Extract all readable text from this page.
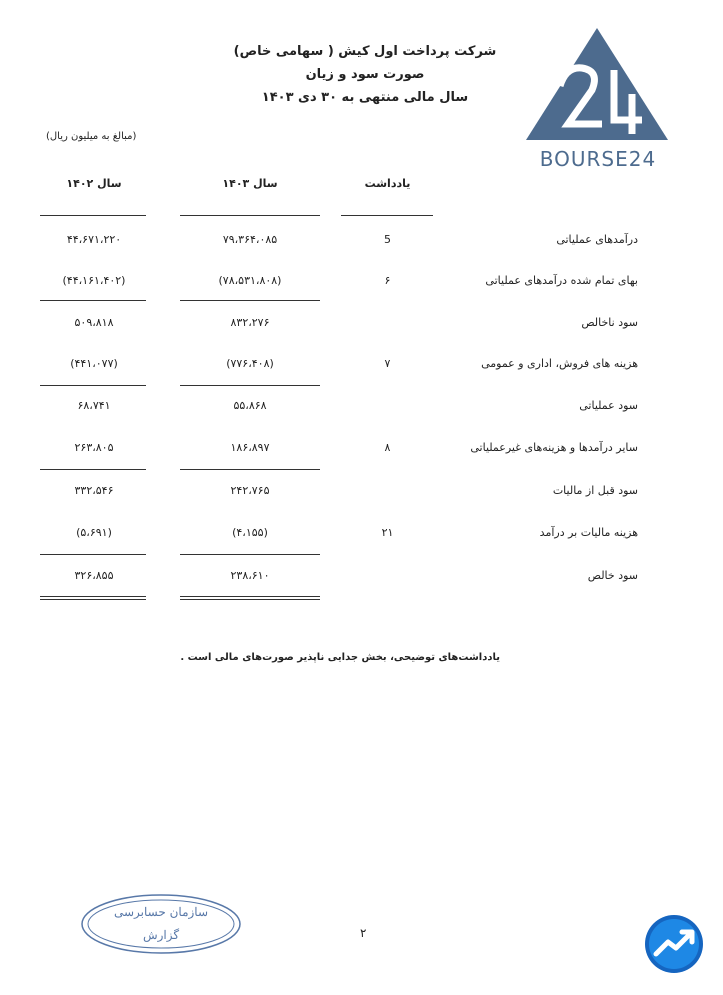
شرکت پرداخت اول کیش ( سهامی خاص)
صورت سود و زیان
سال مالی منتهی به ۳۰ دی ۱۴۰۳
BOURSE24
(مبالغ به میلیون ریال)
یادداشت
سال ۱۴۰۳
سال ۱۴۰۲
درآمدهای عملیاتی
5
۷۹،۳۶۴،۰۸۵
۴۴،۶۷۱،۲۲۰
بهای تمام شده درآمدهای عملیاتی
۶
(۷۸،۵۳۱،۸۰۸)
(۴۴،۱۶۱،۴۰۲)
سود ناخالص
۸۳۲،۲۷۶
۵۰۹،۸۱۸
هزینه های فروش، اداری و عمومی
۷
(۷۷۶،۴۰۸)
(۴۴۱،۰۷۷)
سود عملیاتی
۵۵،۸۶۸
۶۸،۷۴۱
سایر درآمدها و هزینه‌های غیرعملیاتی
۸
۱۸۶،۸۹۷
۲۶۳،۸۰۵
سود قبل از مالیات
۲۴۲،۷۶۵
۳۳۲،۵۴۶
هزینه مالیات بر درآمد
۲۱
(۴،۱۵۵)
(۵،۶۹۱)
سود خالص
۲۳۸،۶۱۰
۳۲۶،۸۵۵
یادداشت‌های توضیحی، بخش جدایی ناپذیر صورت‌های مالی است .
سازمان حسابرسی
گزارش	۲
